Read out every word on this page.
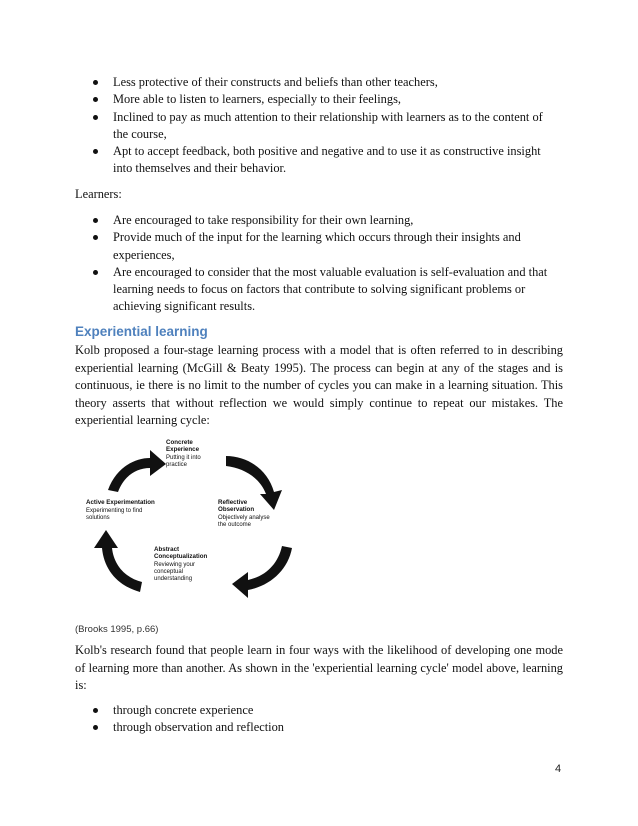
Less protective of their constructs and beliefs than other teachers,
More able to listen to learners, especially to their feelings,
Inclined to pay as much attention to their relationship with learners as to the content of the course,
Apt to accept feedback, both positive and negative and to use it as constructive insight into themselves and their behavior.
Learners:
Are encouraged to take responsibility for their own learning,
Provide much of the input for the learning which occurs through their insights and experiences,
Are encouraged to consider that the most valuable evaluation is self-evaluation and that learning needs to focus on factors that contribute to solving significant problems or achieving significant results.
Experiential learning
Kolb proposed a four-stage learning process with a model that is often referred to in describing experiential learning (McGill & Beaty 1995). The process can begin at any of the stages and is continuous, ie there is no limit to the number of cycles you can make in a learning situation. This theory asserts that without reflection we would simply continue to repeat our mistakes. The experiential learning cycle:
Concrete
Experience
Putting it into
practice
Reflective
Observation
Objectively analyse
the outcome
Abstract
Conceptualization
Reviewing your
conceptual
understanding
Active Experimentation
Experimenting to find
solutions
(Brooks 1995, p.66)
Kolb's research found that people learn in four ways with the likelihood of developing one mode of learning more than another. As shown in the 'experiential learning cycle' model above, learning is:
through concrete experience
through observation and reflection
4
